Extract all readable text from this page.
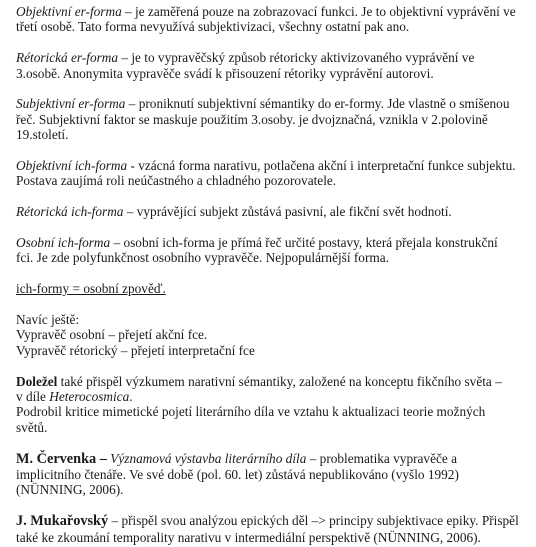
Objektivní er-forma – je zaměřená pouze na zobrazovací funkci. Je to objektivní vyprávění ve

třetí osobě. Tato forma nevyužívá subjektivizaci, všechny ostatní pak ano.

Rétorická er-forma – je to vypravěčský způsob rétoricky aktivizovaného vyprávění ve

3.osobě. Anonymita vypravěče svádí k přisouzení rétoriky vyprávění autorovi.

Subjektivní er-forma – proniknutí subjektivní sémantiky do er-formy. Jde vlastně o smíšenou

řeč. Subjektivní faktor se maskuje použitím 3.osoby. je dvojznačná, vznikla v 2.polovině

19.století.

Objektivní ich-forma - vzácná forma narativu, potlačena akční i interpretační funkce subjektu.

Postava zaujímá roli neúčastného a chladného pozorovatele.

Rétorická ich-forma – vyprávějící subjekt zůstává pasivní, ale fikční svět hodnotí.

Osobní ich-forma – osobní ich-forma je přímá řeč určité postavy, která přejala konstrukční

fci. Je zde polyfunkčnost osobního vypravěče. Nejpopulárnější forma.

ich-formy = osobní zpověď.

Navíc ještě:

Vypravěč osobní – přejetí akční fce.

Vypravěč rétorický – přejetí interpretační fce

Doležel také přispěl výzkumem narativní sémantiky, založené na konceptu fikčního světa –

v díle Heterocosmica.

Podrobil kritice mimetické pojetí literárního díla ve vztahu k aktualizaci teorie možných

světů.

M. Červenka – Významová výstavba literárního díla – problematika vypravěče a

implicitního čtenáře. Ve své době (pol. 60. let) zůstává nepublikováno (vyšlo 1992)

(NÜNNING, 2006).

J. Mukařovský – přispěl svou analýzou epických děl –> principy subjektivace epiky. Přispěl

také ke zkoumání temporality narativu v intermediální perspektivě (NÜNNING, 2006).
